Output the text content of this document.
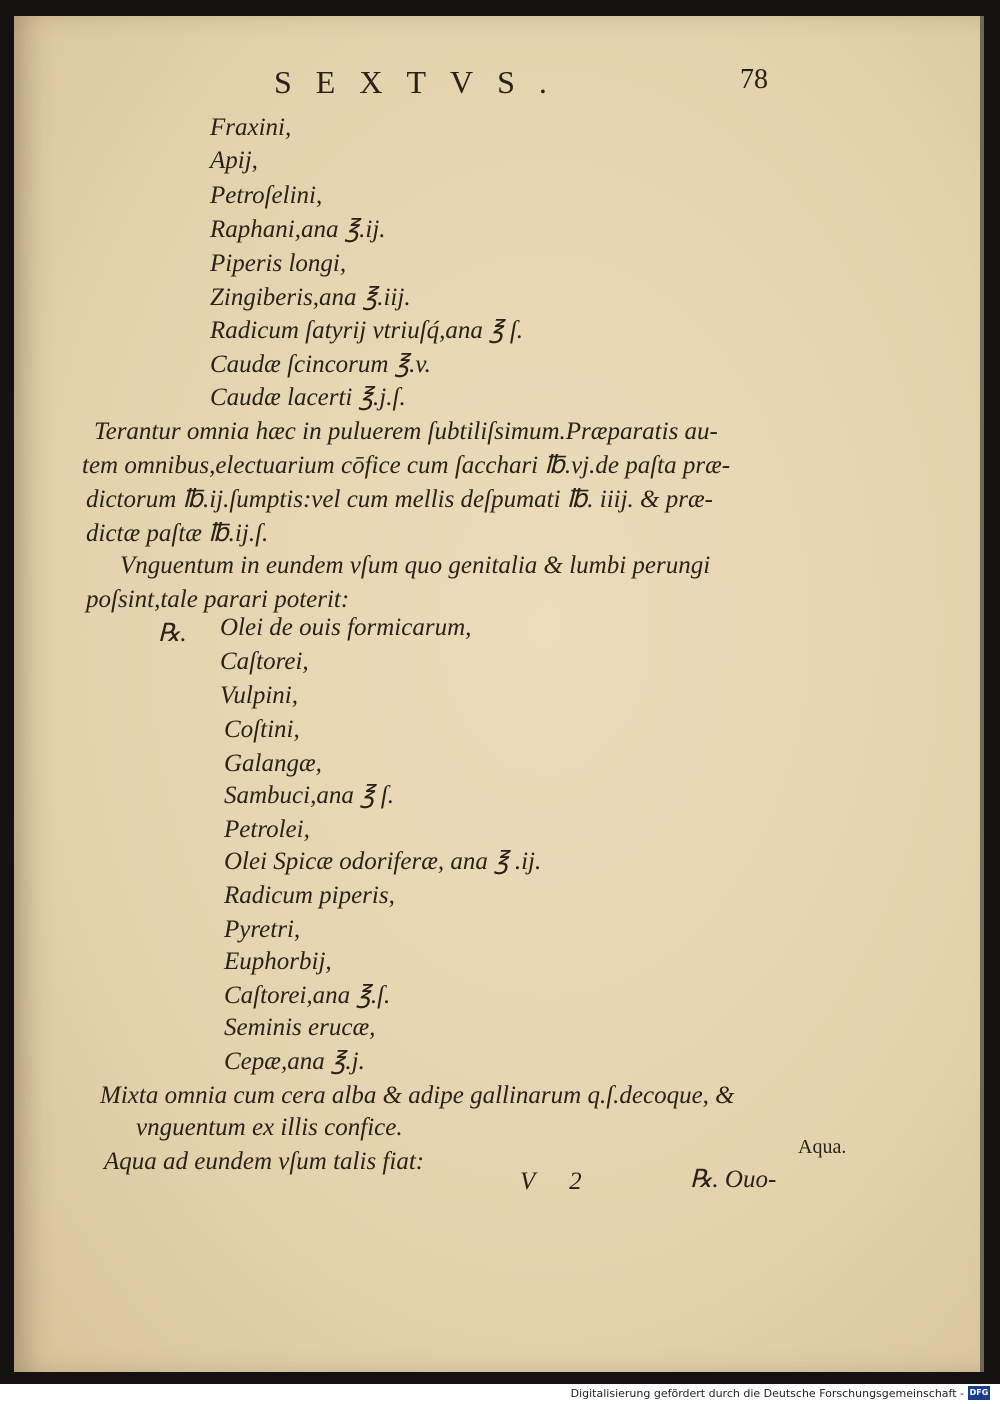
SEXTVS.	78
Fraxini,
Apij,
Petroſelini,
Raphani,ana ℥.ij.
Piperis longi,
Zingiberis,ana ℥.iij.
Radicum ſatyrij vtriuſq́,ana ℥ ſ.
Caudæ ſcincorum ℥.v.
Caudæ lacerti ℥.j.ſ.
Terantur omnia hæc in puluerem ſubtiliſsimum.Præparatis au-
tem omnibus,electuarium cōfice cum ſacchari ℔.vj.de paſta præ-
dictorum ℔.ij.ſumptis:vel cum mellis deſpumati ℔. iiij. & præ-
dictæ paſtæ ℔.ij.ſ.
Vnguentum in eundem vſum quo genitalia & lumbi perungi
poſsint,tale parari poterit:
℞. Olei de ouis formicarum,
Caſtorei,
Vulpini,
Coſtini,
Galangæ,
Sambuci,ana ℥ ſ.
Petrolei,
Olei Spicæ odoriferæ, ana ℥ .ij.
Radicum piperis,
Pyretri,
Euphorbij,
Caſtorei,ana ℥.ſ.
Seminis erucæ,
Cepæ,ana ℥.j.
Mixta omnia cum cera alba & adipe gallinarum q.ſ.decoque, &
vnguentum ex illis confice.
Aqua ad eundem vſum talis fiat:
Aqua.
V 2	℞. Ouo-
Digitalisierung gefördert durch die Deutsche Forschungsgemeinschaft - DFG
